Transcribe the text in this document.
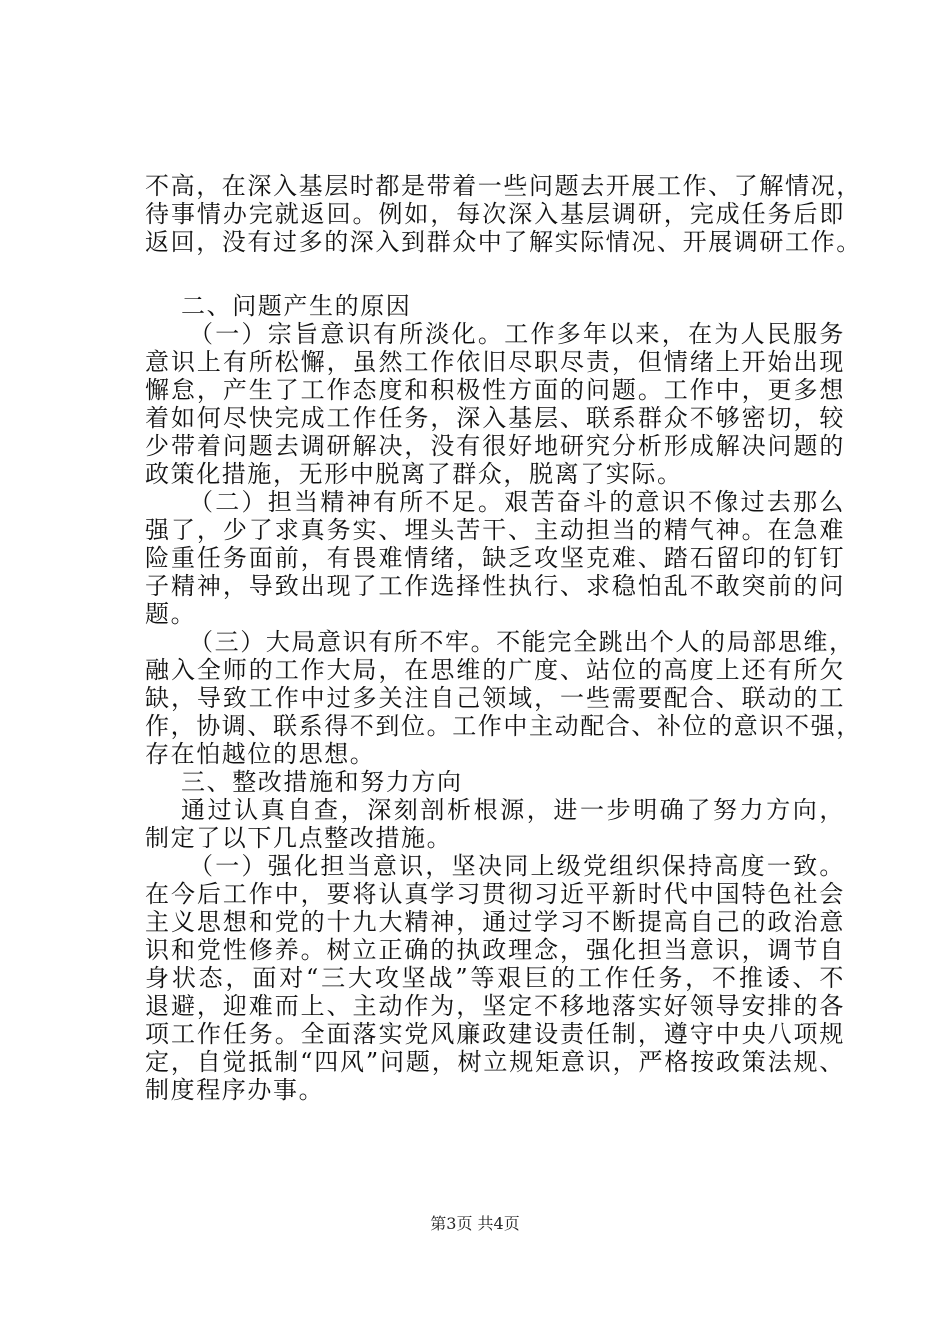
不高，在深入基层时都是带着一些问题去开展工作、了解情况，
待事情办完就返回。例如，每次深入基层调研，完成任务后即
返回，没有过多的深入到群众中了解实际情况、开展调研工作。
二、问题产生的原因
（一）宗旨意识有所淡化。工作多年以来，在为人民服务
意识上有所松懈，虽然工作依旧尽职尽责，但情绪上开始出现
懈怠，产生了工作态度和积极性方面的问题。工作中，更多想
着如何尽快完成工作任务，深入基层、联系群众不够密切，较
少带着问题去调研解决，没有很好地研究分析形成解决问题的
政策化措施，无形中脱离了群众，脱离了实际。
（二）担当精神有所不足。艰苦奋斗的意识不像过去那么
强了，少了求真务实、埋头苦干、主动担当的精气神。在急难
险重任务面前，有畏难情绪，缺乏攻坚克难、踏石留印的钉钉
子精神，导致出现了工作选择性执行、求稳怕乱不敢突前的问
题。
（三）大局意识有所不牢。不能完全跳出个人的局部思维，
融入全师的工作大局，在思维的广度、站位的高度上还有所欠
缺，导致工作中过多关注自己领域，一些需要配合、联动的工
作，协调、联系得不到位。工作中主动配合、补位的意识不强，
存在怕越位的思想。
三、整改措施和努力方向
通过认真自查，深刻剖析根源，进一步明确了努力方向，
制定了以下几点整改措施。
（一）强化担当意识，坚决同上级党组织保持高度一致。
在今后工作中，要将认真学习贯彻习近平新时代中国特色社会
主义思想和党的十九大精神，通过学习不断提高自己的政治意
识和党性修养。树立正确的执政理念，强化担当意识，调节自
身状态，面对“三大攻坚战”等艰巨的工作任务，不推诿、不
退避，迎难而上、主动作为，坚定不移地落实好领导安排的各
项工作任务。全面落实党风廉政建设责任制，遵守中央八项规
定，自觉抵制“四风”问题，树立规矩意识，严格按政策法规、
制度程序办事。
第3页 共4页
